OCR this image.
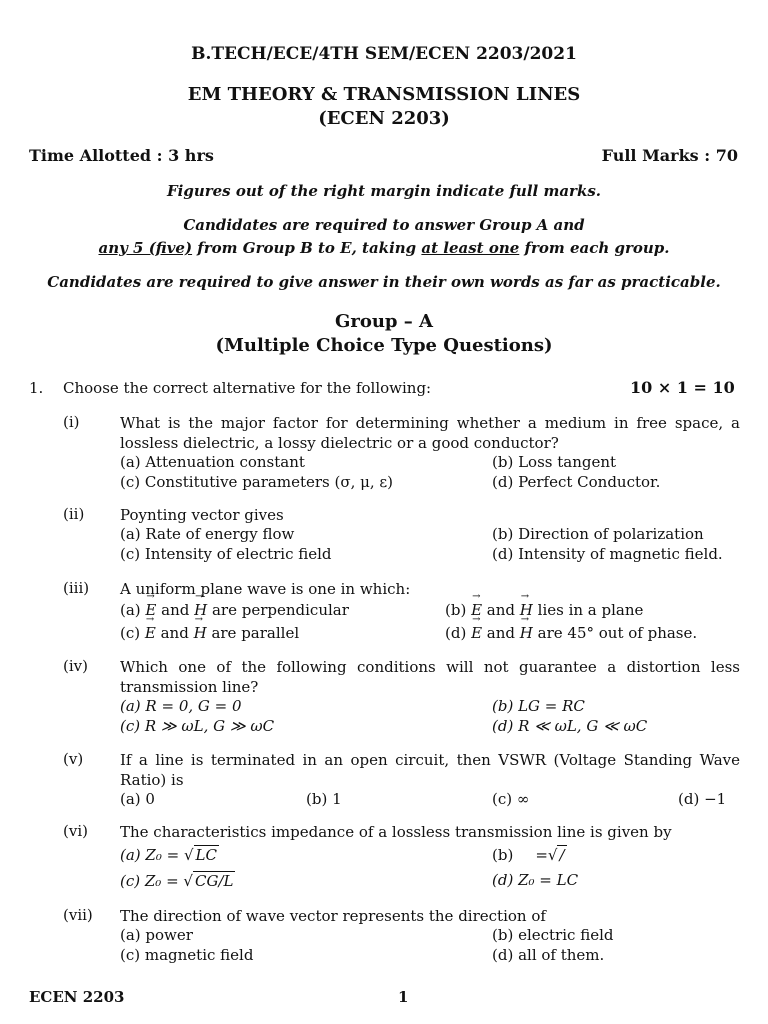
B.TECH/ECE/4TH SEM/ECEN 2203/2021
EM THEORY & TRANSMISSION LINES
(ECEN 2203)
Time Allotted : 3 hrs	Full Marks : 70
Figures out of the right margin indicate full marks.
Candidates are required to answer Group A and
any 5 (five) from Group B to E, taking at least one from each group.
Candidates are required to give answer in their own words as far as practicable.
Group – A
(Multiple Choice Type Questions)
1. Choose the correct alternative for the following:	10 × 1 = 10
(i)	What is the major factor for determining whether a medium in free space, a lossless dielectric, a lossy dielectric or a good conductor?
(a) Attenuation constant	(b) Loss tangent
(c) Constitutive parameters (σ, μ, ε)	(d) Perfect Conductor.
(ii) Poynting vector gives
(a) Rate of energy flow	(b) Direction of polarization
(c) Intensity of electric field	(d) Intensity of magnetic field.
(iii) A uniform plane wave is one in which:
(a) → E and → H are perpendicular	(b) → E and → H lies in a plane
(c) → E and → H are parallel	(d) → E and → H are 45° out of phase.
(iv) Which one of the following conditions will not guarantee a distortion less transmission line?
(a) R = 0, G = 0	(b) LG = RC
(c) R ≫ ωL, G ≫ ωC	(d) R ≪ ωL, G ≪ ωC
(v) If a line is terminated in an open circuit, then VSWR (Voltage Standing Wave Ratio) is
(a) 0	(b) 1	(c) ∞	(d) −1
(vi) The characteristics impedance of a lossless transmission line is given by
(a) Z₀ = √ LC	(b) =√/
(c) Z₀ = √ CG/L	(d) Z₀ = LC
(vii) The direction of wave vector represents the direction of
(a) power	(b) electric field
(c) magnetic field	(d) all of them.
ECEN 2203	1
